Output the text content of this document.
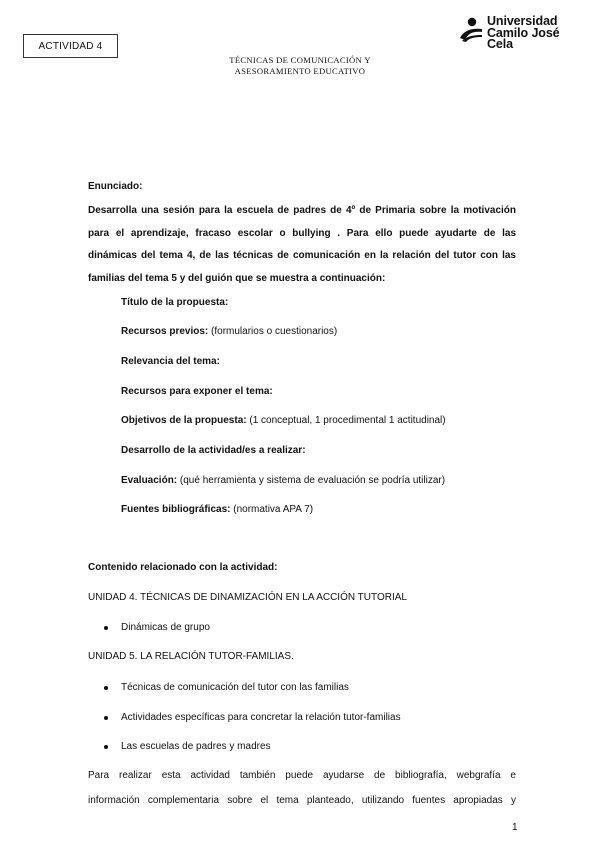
ACTIVIDAD 4
TÉCNICAS DE COMUNICACIÓN Y
ASESORAMIENTO EDUCATIVO
Universidad
Camilo José Cela
Enunciado:
Desarrolla una sesión para la escuela de padres de 4º de Primaria sobre la motivación
para el aprendizaje, fracaso escolar o bullying . Para ello puede ayudarte de las
dinámicas del tema 4, de las técnicas de comunicación en la relación del tutor con las
familias del tema 5 y del guión que se muestra a continuación:
Título de la propuesta:
Recursos previos: (formularios o cuestionarios)
Relevancia del tema:
Recursos para exponer el tema:
Objetivos de la propuesta: (1 conceptual, 1 procedimental 1 actitudinal)
Desarrollo de la actividad/es a realizar:
Evaluación: (qué herramienta y sistema de evaluación se podría utilizar)
Fuentes bibliográficas: (normativa APA 7)
Contenido relacionado con la actividad:
UNIDAD 4. TÉCNICAS DE DINAMIZACIÓN EN LA ACCIÓN TUTORIAL
Dinámicas de grupo
UNIDAD 5. LA RELACIÓN TUTOR-FAMILIAS.
Técnicas de comunicación del tutor con las familias
Actividades específicas para concretar la relación tutor-familias
Las escuelas de padres y madres
Para realizar esta actividad también puede ayudarse de bibliografía, webgrafía e
información complementaria sobre el tema planteado, utilizando fuentes apropiadas y
1
